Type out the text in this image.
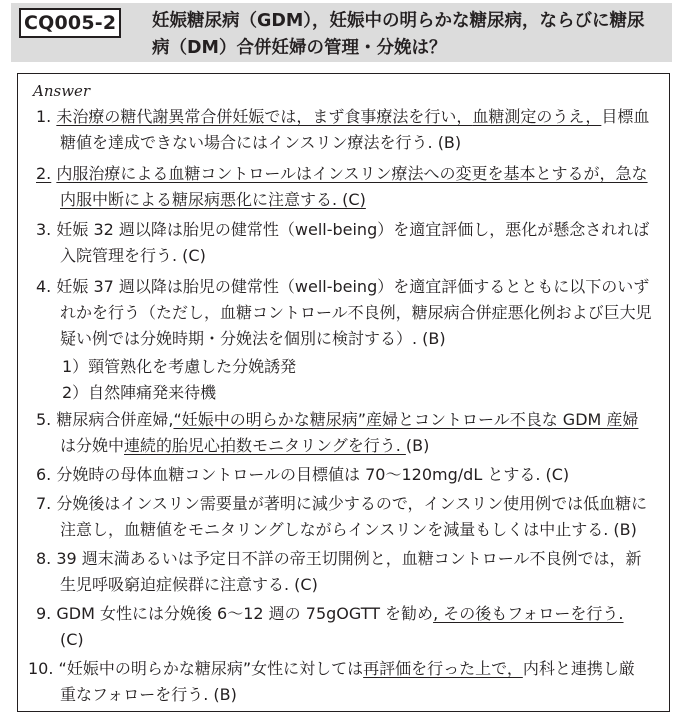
CQ005-2 妊娠糖尿病（GDM），妊娠中の明らかな糖尿病，ならびに糖尿
病（DM）合併妊婦の管理・分娩は？
Answer
1. 未治療の糖代謝異常合併妊娠では，まず食事療法を行い，血糖測定のうえ，目標血
糖値を達成できない場合にはインスリン療法を行う. (B)
2. 内服治療による血糖コントロールはインスリン療法への変更を基本とするが，急な
内服中断による糖尿病悪化に注意する. (C)
3. 妊娠 32 週以降は胎児の健常性（well-being）を適宜評価し，悪化が懸念されれば
入院管理を行う. (C)
4. 妊娠 37 週以降は胎児の健常性（well-being）を適宜評価するとともに以下のいず
れかを行う（ただし，血糖コントロール不良例，糖尿病合併症悪化例および巨大児
疑い例では分娩時期・分娩法を個別に検討する）. (B)
1）頸管熟化を考慮した分娩誘発
2）自然陣痛発来待機
5. 糖尿病合併産婦,“妊娠中の明らかな糖尿病”産婦とコントロール不良な GDM 産婦
は分娩中連続的胎児心拍数モニタリングを行う. (B)
6. 分娩時の母体血糖コントロールの目標値は 70〜120mg/dL とする. (C)
7. 分娩後はインスリン需要量が著明に減少するので，インスリン使用例では低血糖に
注意し，血糖値をモニタリングしながらインスリンを減量もしくは中止する. (B)
8. 39 週末満あるいは予定日不詳の帝王切開例と，血糖コントロール不良例では，新
生児呼吸窮迫症候群に注意する. (C)
9. GDM 女性には分娩後 6〜12 週の 75gOGTT を勧め, その後もフォローを行う.
(C)
10. “妊娠中の明らかな糖尿病”女性に対しては再評価を行った上で，内科と連携し厳
重なフォローを行う. (B)
